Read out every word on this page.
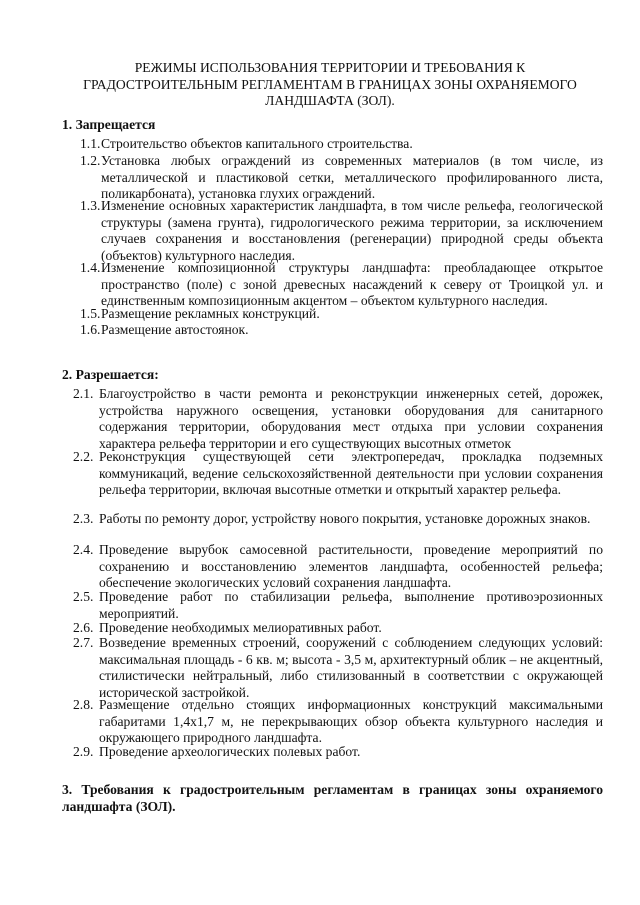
РЕЖИМЫ ИСПОЛЬЗОВАНИЯ ТЕРРИТОРИИ И ТРЕБОВАНИЯ К ГРАДОСТРОИТЕЛЬНЫМ РЕГЛАМЕНТАМ В ГРАНИЦАХ ЗОНЫ ОХРАНЯЕМОГО ЛАНДШАФТА (ЗОЛ).
1. Запрещается
1.1. Строительство объектов капитального строительства.
1.2. Установка любых ограждений из современных материалов (в том числе, из металлической и пластиковой сетки, металлического профилированного листа, поликарбоната), установка глухих ограждений.
1.3. Изменение основных характеристик ландшафта, в том числе рельефа, геологической структуры (замена грунта), гидрологического режима территории, за исключением случаев сохранения и восстановления (регенерации) природной среды объекта (объектов) культурного наследия.
1.4. Изменение композиционной структуры ландшафта: преобладающее открытое пространство (поле) с зоной древесных насаждений к северу от Троицкой ул. и единственным композиционным акцентом – объектом культурного наследия.
1.5. Размещение рекламных конструкций.
1.6. Размещение автостоянок.
2. Разрешается:
2.1. Благоустройство в части ремонта и реконструкции инженерных сетей, дорожек, устройства наружного освещения, установки оборудования для санитарного содержания территории, оборудования мест отдыха при условии сохранения характера рельефа территории и его существующих высотных отметок
2.2. Реконструкция существующей сети электропередач, прокладка подземных коммуникаций, ведение сельскохозяйственной деятельности при условии сохранения рельефа территории, включая высотные отметки и открытый характер рельефа.
2.3. Работы по ремонту дорог, устройству нового покрытия, установке дорожных знаков.
2.4. Проведение вырубок самосевной растительности, проведение мероприятий по сохранению и восстановлению элементов ландшафта, особенностей рельефа; обеспечение экологических условий сохранения ландшафта.
2.5. Проведение работ по стабилизации рельефа, выполнение противоэрозионных мероприятий.
2.6. Проведение необходимых мелиоративных работ.
2.7. Возведение временных строений, сооружений с соблюдением следующих условий: максимальная площадь - 6 кв. м; высота - 3,5 м, архитектурный облик – не акцентный, стилистически нейтральный, либо стилизованный в соответствии с окружающей исторической застройкой.
2.8. Размещение отдельно стоящих информационных конструкций максимальными габаритами 1,4х1,7 м, не перекрывающих обзор объекта культурного наследия и окружающего природного ландшафта.
2.9. Проведение археологических полевых работ.
3. Требования к градостроительным регламентам в границах зоны охраняемого ландшафта (ЗОЛ).
